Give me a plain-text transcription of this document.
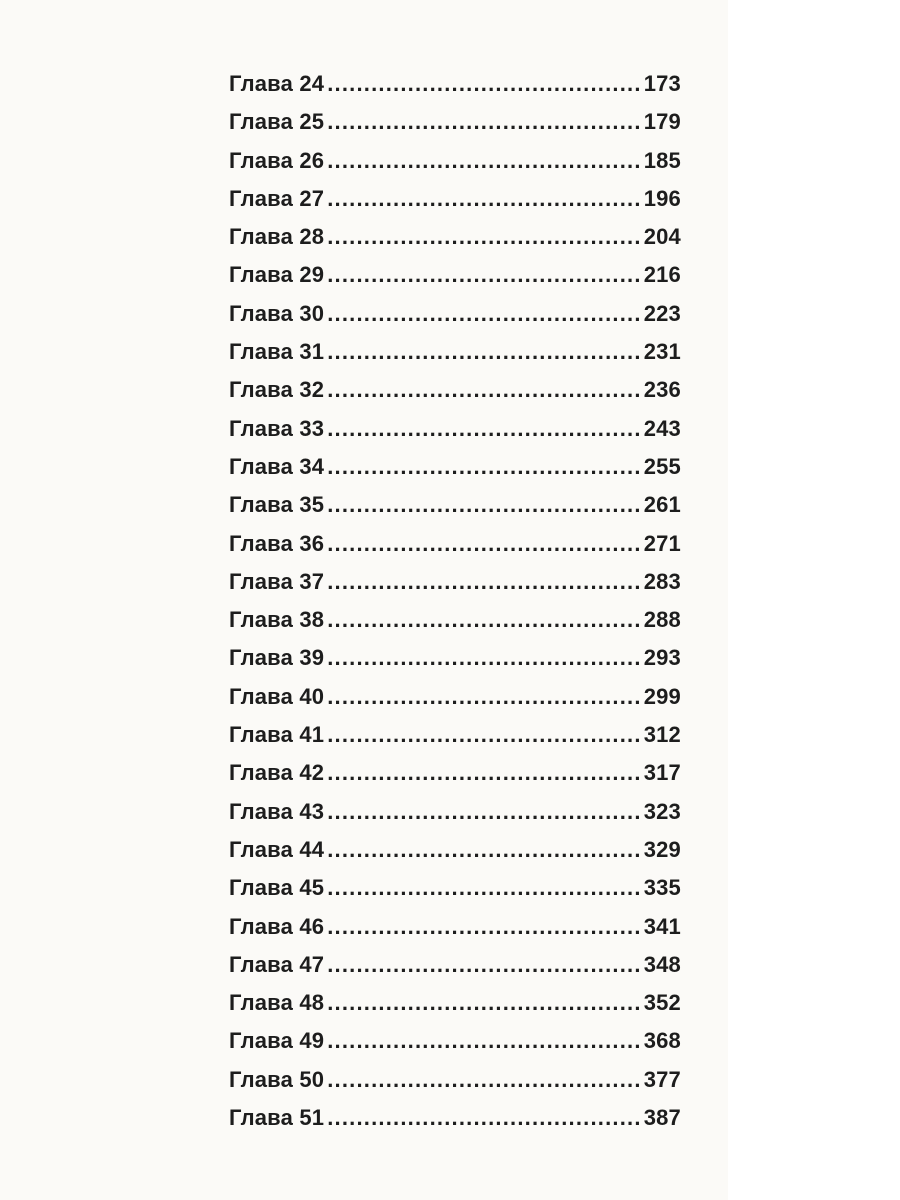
Глава 24 .....	173
Глава 25 .....	179
Глава 26 .....	185
Глава 27 .....	196
Глава 28 .....	204
Глава 29 .....	216
Глава 30 .....	223
Глава 31 .....	231
Глава 32 .....	236
Глава 33 .....	243
Глава 34 .....	255
Глава 35 .....	261
Глава 36 .....	271
Глава 37 .....	283
Глава 38 .....	288
Глава 39 .....	293
Глава 40 .....	299
Глава 41 .....	312
Глава 42 .....	317
Глава 43 .....	323
Глава 44 .....	329
Глава 45 .....	335
Глава 46 .....	341
Глава 47 .....	348
Глава 48 .....	352
Глава 49 .....	368
Глава 50 .....	377
Глава 51 .....	387
